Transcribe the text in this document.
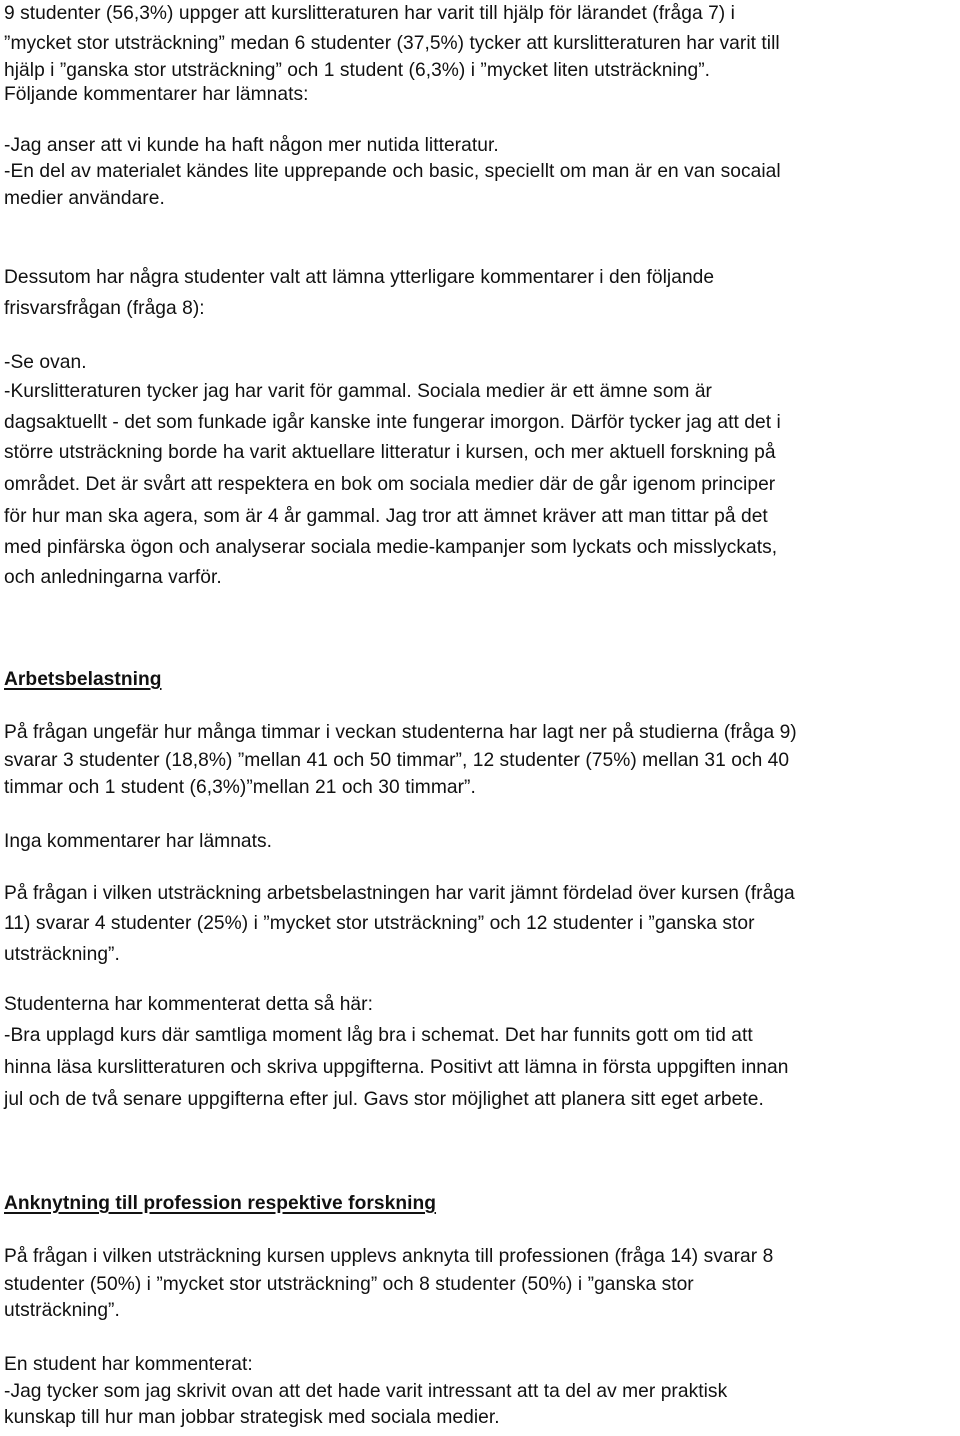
9 studenter (56,3%) uppger att kurslitteraturen har varit till hjälp för lärandet (fråga 7) i
”mycket stor utsträckning” medan 6 studenter (37,5%) tycker att kurslitteraturen har varit till
hjälp i ”ganska stor utsträckning” och 1 student (6,3%) i ”mycket liten utsträckning”.
Följande kommentarer har lämnats:
-Jag anser att vi kunde ha haft någon mer nutida litteratur.
-En del av materialet kändes lite upprepande och basic, speciellt om man är en van socaial
medier användare.
Dessutom har några studenter valt att lämna ytterligare kommentarer i den följande
frisvarsfrågan (fråga 8):
-Se ovan.
-Kurslitteraturen tycker jag har varit för gammal. Sociala medier är ett ämne som är
dagsaktuellt - det som funkade igår kanske inte fungerar imorgon. Därför tycker jag att det i
större utsträckning borde ha varit aktuellare litteratur i kursen, och mer aktuell forskning på
området. Det är svårt att respektera en bok om sociala medier där de går igenom principer
för hur man ska agera, som är 4 år gammal. Jag tror att ämnet kräver att man tittar på det
med pinfärska ögon och analyserar sociala medie-kampanjer som lyckats och misslyckats,
och anledningarna varför.
Arbetsbelastning
På frågan ungefär hur många timmar i veckan studenterna har lagt ner på studierna (fråga 9)
svarar 3 studenter (18,8%) ”mellan 41 och 50 timmar”, 12 studenter (75%) mellan 31 och 40
timmar och 1 student (6,3%)”mellan 21 och 30 timmar”.
Inga kommentarer har lämnats.
På frågan i vilken utsträckning arbetsbelastningen har varit jämnt fördelad över kursen (fråga
11) svarar 4 studenter (25%) i ”mycket stor utsträckning” och 12 studenter i ”ganska stor
utsträckning”.
Studenterna har kommenterat detta så här:
-Bra upplagd kurs där samtliga moment låg bra i schemat. Det har funnits gott om tid att
hinna läsa kurslitteraturen och skriva uppgifterna. Positivt att lämna in första uppgiften innan
jul och de två senare uppgifterna efter jul. Gavs stor möjlighet att planera sitt eget arbete.
Anknytning till profession respektive forskning
På frågan i vilken utsträckning kursen upplevs anknyta till professionen (fråga 14) svarar 8
studenter (50%) i ”mycket stor utsträckning” och 8 studenter (50%) i ”ganska stor
utsträckning”.
En student har kommenterat:
-Jag tycker som jag skrivit ovan att det hade varit intressant att ta del av mer praktisk
kunskap till hur man jobbar strategisk med sociala medier.
